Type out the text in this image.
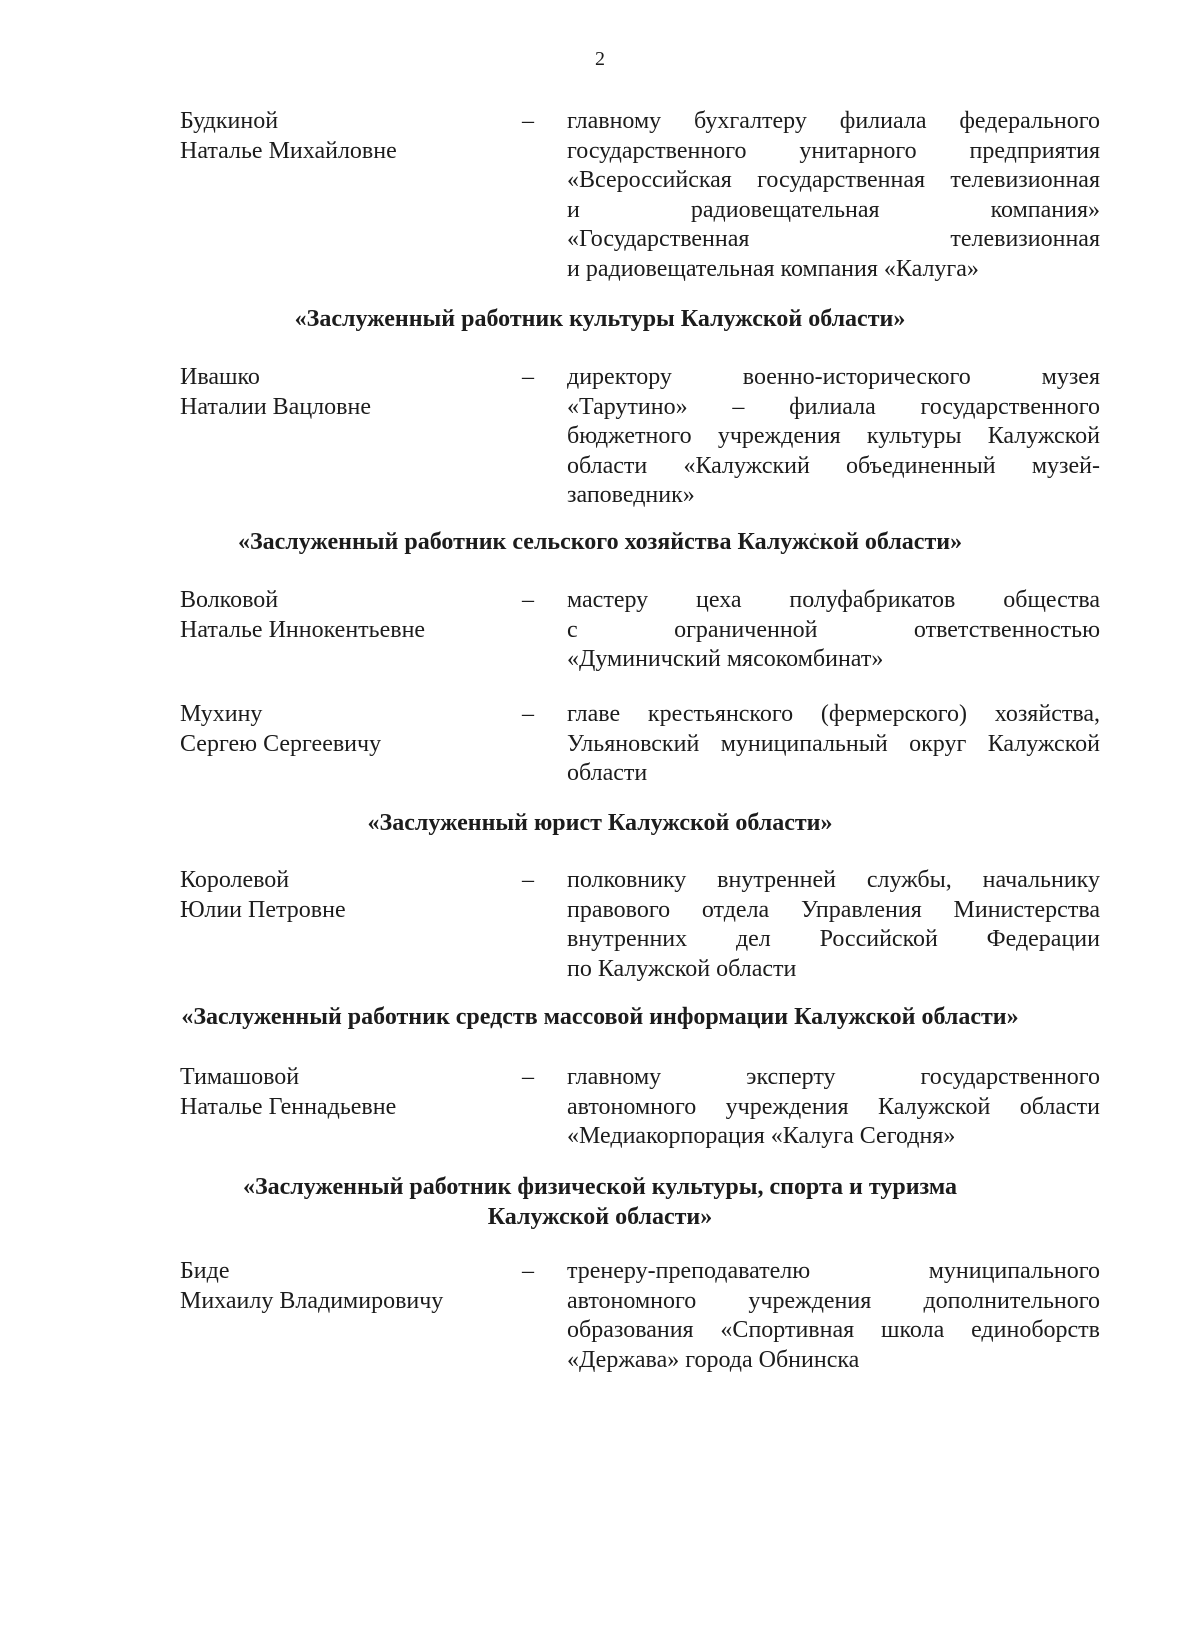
2
Будкиной
Наталье Михайловне
– главному бухгалтеру филиала федерального
государственного унитарного предприятия
«Всероссийская государственная телевизионная
и радиовещательная компания»
«Государственная телевизионная
и радиовещательная компания «Калуга»
«Заслуженный работник культуры Калужской области»
Ивашко
Наталии Вацловне
– директору военно-исторического музея
«Тарутино» – филиала государственного
бюджетного учреждения культуры Калужской
области «Калужский объединенный музей-
заповедник»
«Заслуженный работник сельского хозяйства Калужской области»
Волковой
Наталье Иннокентьевне
– мастеру цеха полуфабрикатов общества
с ограниченной ответственностью
«Думиничский мясокомбинат»
Мухину
Сергею Сергеевичу
– главе крестьянского (фермерского) хозяйства,
Ульяновский муниципальный округ Калужской
области
«Заслуженный юрист Калужской области»
Королевой
Юлии Петровне
– полковнику внутренней службы, начальнику
правового отдела Управления Министерства
внутренних дел Российской Федерации
по Калужской области
«Заслуженный работник средств массовой информации Калужской области»
Тимашовой
Наталье Геннадьевне
– главному эксперту государственного
автономного учреждения Калужской области
«Медиакорпорация «Калуга Сегодня»
«Заслуженный работник физической культуры, спорта и туризма
Калужской области»
Биде
Михаилу Владимировичу
– тренеру-преподавателю муниципального
автономного учреждения дополнительного
образования «Спортивная школа единоборств
«Держава» города Обнинска
